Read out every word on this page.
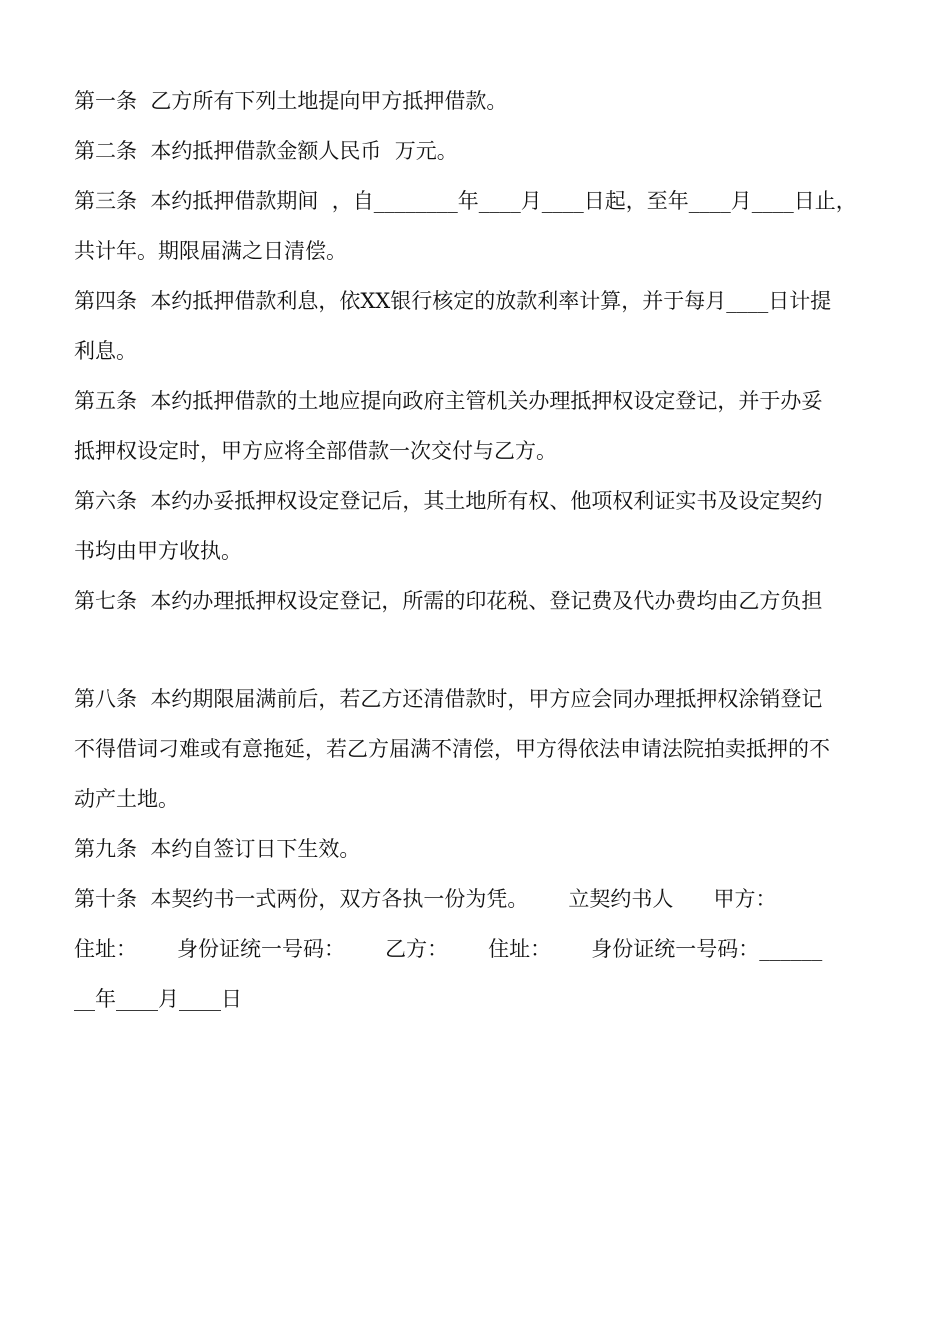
第一条  乙方所有下列土地提向甲方抵押借款。
第二条  本约抵押借款金额人民币  万元。
第三条  本约抵押借款期间  ，自________年____月____日起，至年____月____日止，
共计年。期限届满之日清偿。
第四条  本约抵押借款利息，依XX银行核定的放款利率计算，并于每月____日计提
利息。
第五条  本约抵押借款的土地应提向政府主管机关办理抵押权设定登记，并于办妥
抵押权设定时，甲方应将全部借款一次交付与乙方。
第六条  本约办妥抵押权设定登记后，其土地所有权、他项权利证实书及设定契约
书均由甲方收执。
第七条  本约办理抵押权设定登记，所需的印花税、登记费及代办费均由乙方负担
第八条  本约期限届满前后，若乙方还清借款时，甲方应会同办理抵押权涂销登记
不得借词刁难或有意拖延，若乙方届满不清偿，甲方得依法申请法院拍卖抵押的不
动产土地。
第九条  本约自签订日下生效。
第十条  本契约书一式两份，双方各执一份为凭。      立契约书人      甲方：
住址：      身份证统一号码：      乙方：      住址：      身份证统一号码：______
__年____月____日
